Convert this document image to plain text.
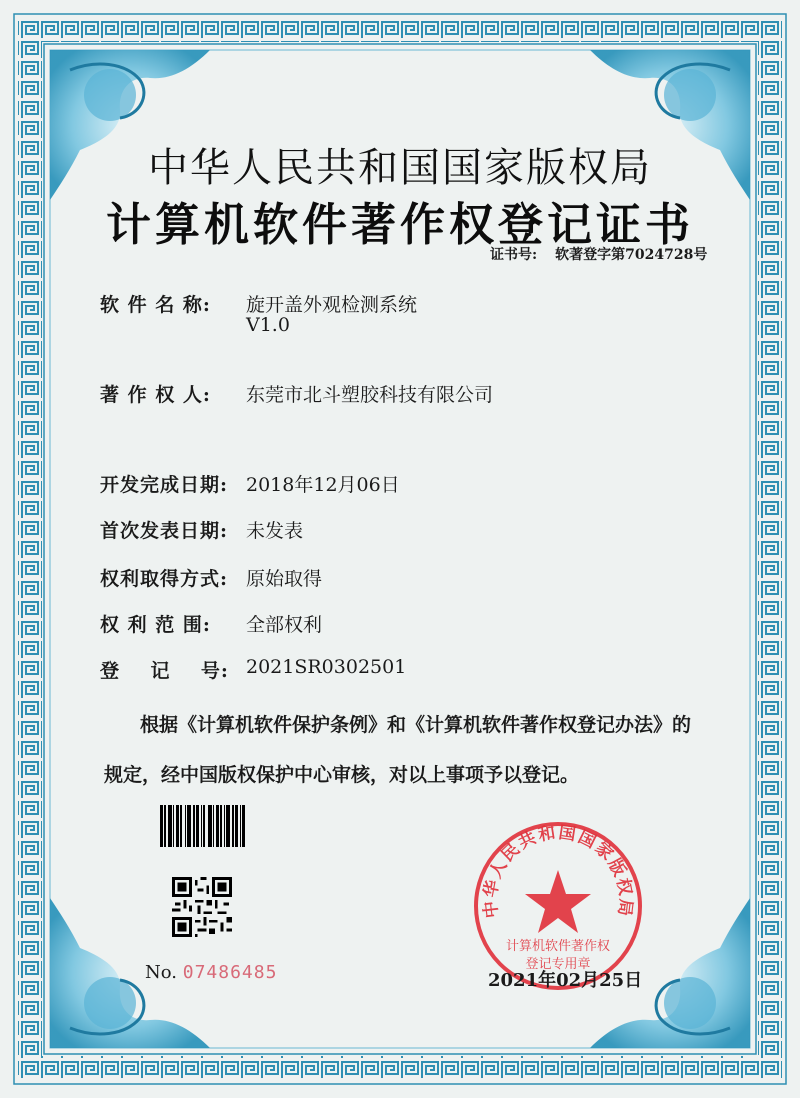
中华人民共和国国家版权局
计算机软件著作权登记证书
证书号: 软著登字第7024728号
软 件 名 称: 旋开盖外观检测系统
V1.0
著 作 权 人: 东莞市北斗塑胶科技有限公司
开发完成日期: 2018年12月06日
首次发表日期: 未发表
权利取得方式: 原始取得
权 利 范 围: 全部权利
登    记    号: 2021SR0302501
根据《计算机软件保护条例》和《计算机软件著作权登记办法》的
规定，经中国版权保护中心审核，对以上事项予以登记。
No. 07486485
中华人民共和国国家版权局
计算机软件著作权
登记专用章
2021年02月25日
